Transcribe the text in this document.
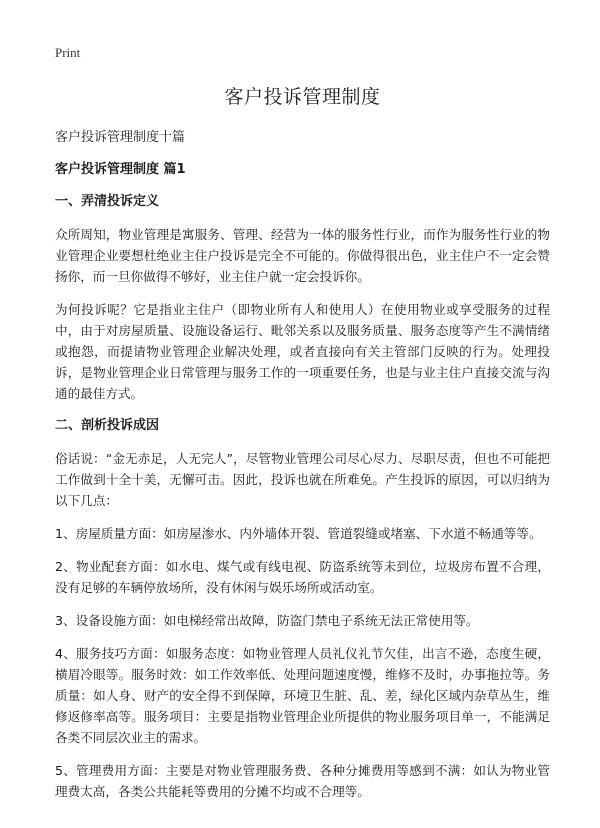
Print
客户投诉管理制度

客户投诉管理制度十篇

客户投诉管理制度 篇1

一、弄清投诉定义

众所周知，物业管理是寓服务、管理、经营为一体的服务性行业，而作为服务性行业的物业管理企业要想杜绝业主住户投诉是完全不可能的。你做得很出色，业主住户不一定会赞扬你，而一旦你做得不够好，业主住户就一定会投诉你。

为何投诉呢？它是指业主住户（即物业所有人和使用人）在使用物业或享受服务的过程中，由于对房屋质量、设施设备运行、毗邻关系以及服务质量、服务态度等产生不满情绪或抱怨，而提请物业管理企业解决处理，或者直接向有关主管部门反映的行为。处理投诉，是物业管理企业日常管理与服务工作的一项重要任务，也是与业主住户直接交流与沟通的最佳方式。

二、剖析投诉成因

俗话说：“金无赤足，人无完人”，尽管物业管理公司尽心尽力、尽职尽责，但也不可能把工作做到十全十美，无懈可击。因此，投诉也就在所难免。产生投诉的原因，可以归纳为以下几点：

1、房屋质量方面：如房屋渗水、内外墙体开裂、管道裂缝或堵塞、下水道不畅通等等。

2、物业配套方面：如水电、煤气或有线电视、防盗系统等未到位，垃圾房布置不合理，没有足够的车辆停放场所，没有休闲与娱乐场所或活动室。

3、设备设施方面：如电梯经常出故障，防盗门禁电子系统无法正常使用等。

4、服务技巧方面：如服务态度：如物业管理人员礼仪礼节欠佳，出言不逊，态度生硬，横眉冷眼等。服务时效：如工作效率低、处理问题速度慢，维修不及时，办事拖拉等。务质量：如人身、财产的安全得不到保障，环境卫生脏、乱、差，绿化区域内杂草丛生，维修返修率高等。服务项目：主要是指物业管理企业所提供的物业服务项目单一，不能满足各类不同层次业主的需求。

5、管理费用方面：主要是对物业管理服务费、各种分摊费用等感到不满：如认为物业管理费太高，各类公共能耗等费用的分摊不均或不合理等。
